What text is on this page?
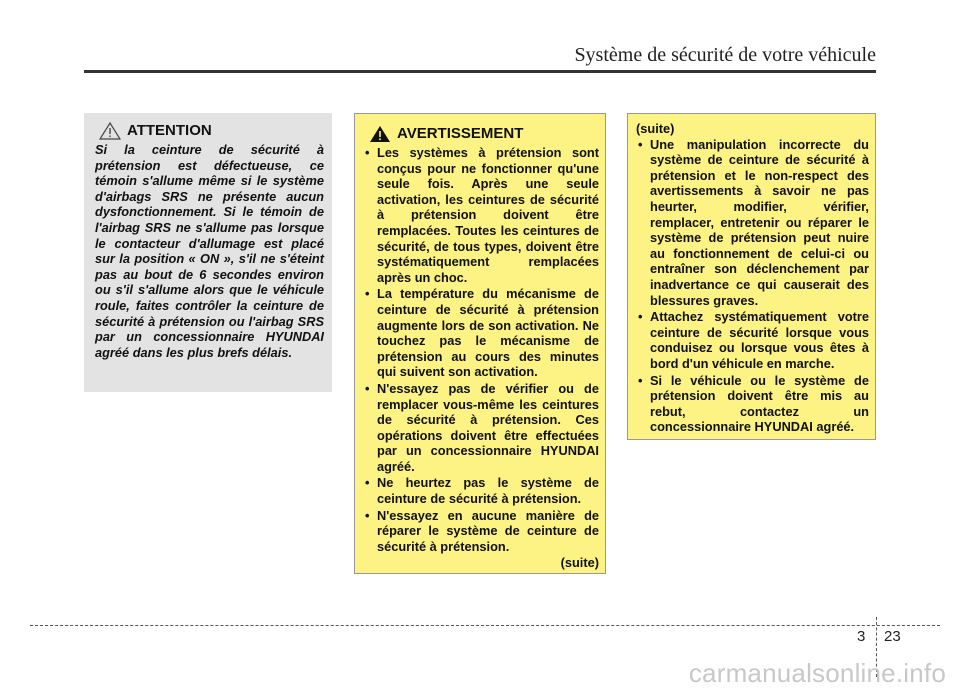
Système de sécurité de votre véhicule
ATTENTION
Si la ceinture de sécurité à prétension est défectueuse, ce témoin s'allume même si le système d'airbags SRS ne présente aucun dysfonctionnement. Si le témoin de l'airbag SRS ne s'allume pas lorsque le contacteur d'allumage est placé sur la position « ON », s'il ne s'éteint pas au bout de 6 secondes environ ou s'il s'allume alors que le véhicule roule, faites contrôler la ceinture de sécurité à prétension ou l'airbag SRS par un concessionnaire HYUNDAI agréé dans les plus brefs délais.
AVERTISSEMENT
• Les systèmes à prétension sont conçus pour ne fonctionner qu'une seule fois. Après une seule activation, les ceintures de sécurité à prétension doivent être remplacées. Toutes les ceintures de sécurité, de tous types, doivent être systématiquement remplacées après un choc.
• La température du mécanisme de ceinture de sécurité à prétension augmente lors de son activation. Ne touchez pas le mécanisme de prétension au cours des minutes qui suivent son activation.
• N'essayez pas de vérifier ou de remplacer vous-même les ceintures de sécurité à prétension. Ces opérations doivent être effectuées par un concessionnaire HYUNDAI agréé.
• Ne heurtez pas le système de ceinture de sécurité à prétension.
• N'essayez en aucune manière de réparer le système de ceinture de sécurité à prétension.
(suite)
(suite)
• Une manipulation incorrecte du système de ceinture de sécurité à prétension et le non-respect des avertissements à savoir ne pas heurter, modifier, vérifier, remplacer, entretenir ou réparer le système de prétension peut nuire au fonctionnement de celui-ci ou entraîner son déclenchement par inadvertance ce qui causerait des blessures graves.
• Attachez systématiquement votre ceinture de sécurité lorsque vous conduisez ou lorsque vous êtes à bord d'un véhicule en marche.
• Si le véhicule ou le système de prétension doivent être mis au rebut, contactez un concessionnaire HYUNDAI agréé.
3 23
carmanualsonline.info
